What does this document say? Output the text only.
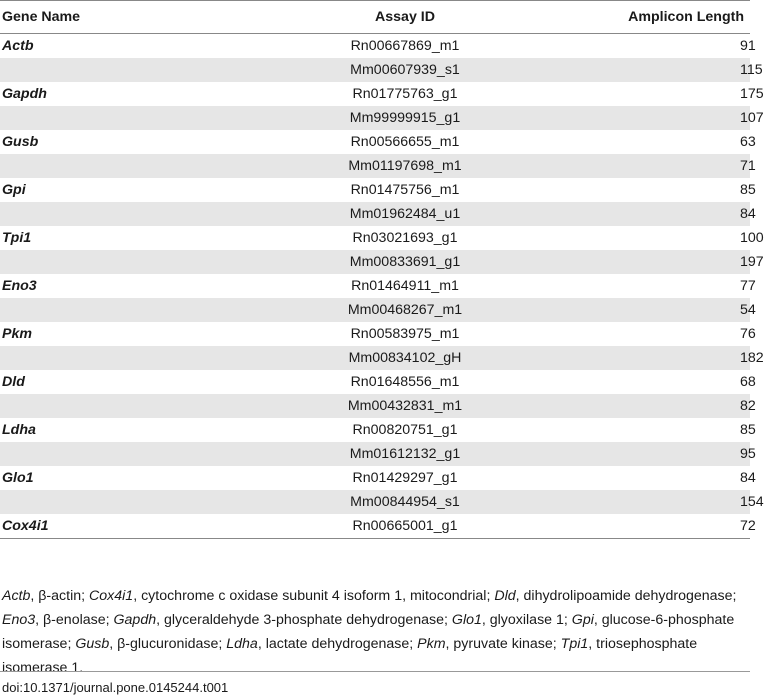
Gene Name	Assay ID	Amplicon Length
Actb	Rn00667869_m1	91
	Mm00607939_s1	115
Gapdh	Rn01775763_g1	175
	Mm99999915_g1	107
Gusb	Rn00566655_m1	63
	Mm01197698_m1	71
Gpi	Rn01475756_m1	85
	Mm01962484_u1	84
Tpi1	Rn03021693_g1	100
	Mm00833691_g1	197
Eno3	Rn01464911_m1	77
	Mm00468267_m1	54
Pkm	Rn00583975_m1	76
	Mm00834102_gH	182
Dld	Rn01648556_m1	68
	Mm00432831_m1	82
Ldha	Rn00820751_g1	85
	Mm01612132_g1	95
Glo1	Rn01429297_g1	84
	Mm00844954_s1	154
Cox4i1	Rn00665001_g1	72

Actb, β-actin; Cox4i1, cytochrome c oxidase subunit 4 isoform 1, mitocondrial; Dld, dihydrolipoamide dehydrogenase; Eno3, β-enolase; Gapdh, glyceraldehyde 3-phosphate dehydrogenase; Glo1, glyoxilase 1; Gpi, glucose-6-phosphate isomerase; Gusb, β-glucuronidase; Ldha, lactate dehydrogenase; Pkm, pyruvate kinase; Tpi1, triosephosphate isomerase 1.

doi:10.1371/journal.pone.0145244.t001
